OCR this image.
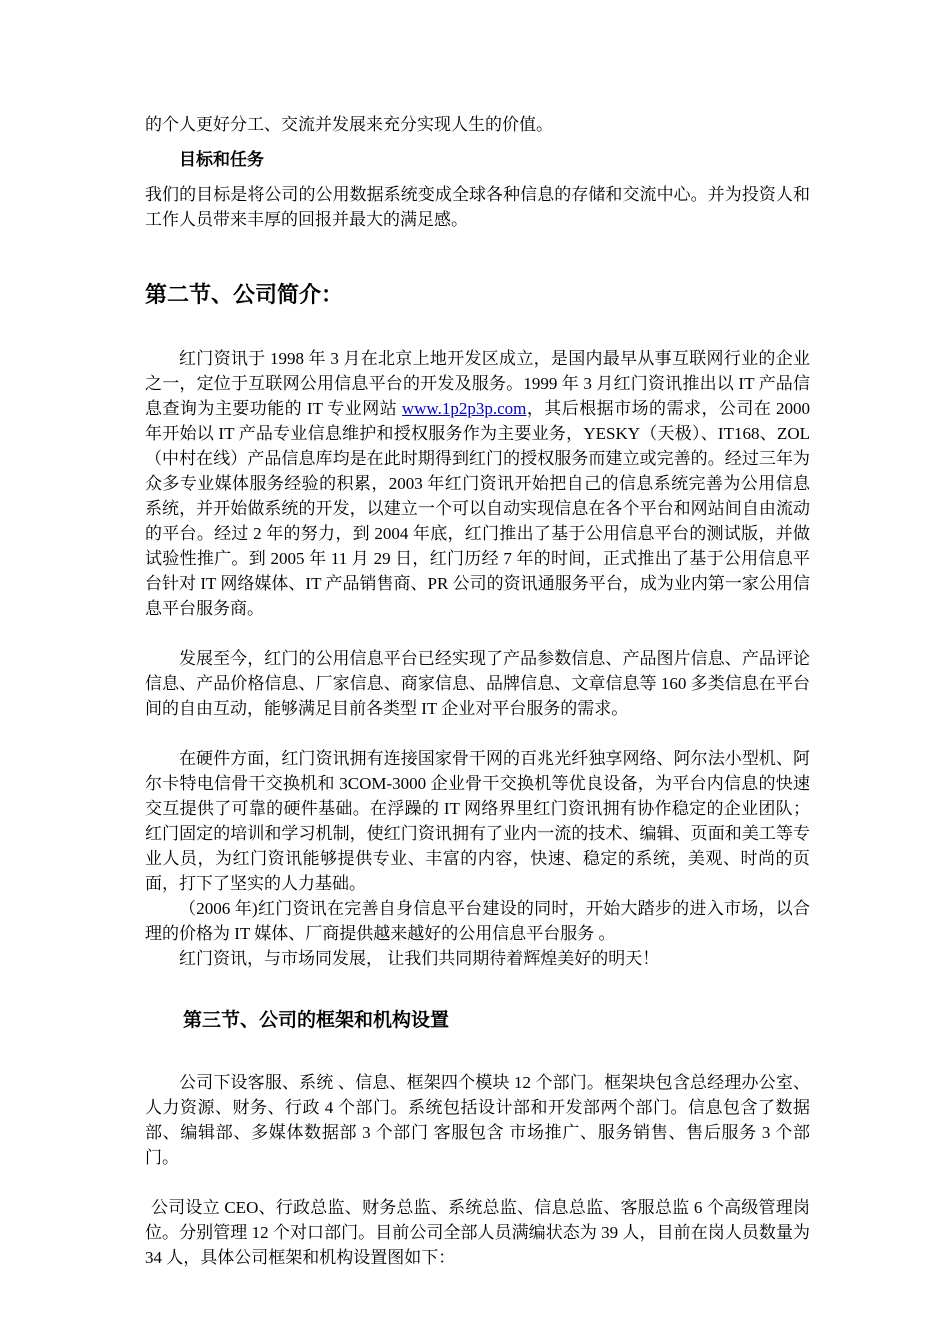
的个人更好分工、交流并发展来充分实现人生的价值。

目标和任务

我们的目标是将公司的公用数据系统变成全球各种信息的存储和交流中心。并为投资人和工作人员带来丰厚的回报并最大的满足感。

第二节、公司简介：

红门资讯于 1998 年 3 月在北京上地开发区成立，是国内最早从事互联网行业的企业之一，定位于互联网公用信息平台的开发及服务。1999 年 3 月红门资讯推出以 IT 产品信息查询为主要功能的 IT 专业网站 www.1p2p3p.com，其后根据市场的需求，公司在 2000 年开始以 IT 产品专业信息维护和授权服务作为主要业务，YESKY（天极）、IT168、ZOL（中村在线）产品信息库均是在此时期得到红门的授权服务而建立或完善的。经过三年为众多专业媒体服务经验的积累，2003 年红门资讯开始把自己的信息系统完善为公用信息系统，并开始做系统的开发，以建立一个可以自动实现信息在各个平台和网站间自由流动的平台。经过 2 年的努力，到 2004 年底，红门推出了基于公用信息平台的测试版，并做试验性推广。到 2005 年 11 月 29 日，红门历经 7 年的时间，正式推出了基于公用信息平台针对 IT 网络媒体、IT 产品销售商、PR 公司的资讯通服务平台，成为业内第一家公用信息平台服务商。

发展至今，红门的公用信息平台已经实现了产品参数信息、产品图片信息、产品评论信息、产品价格信息、厂家信息、商家信息、品牌信息、文章信息等 160 多类信息在平台间的自由互动，能够满足目前各类型 IT 企业对平台服务的需求。

在硬件方面，红门资讯拥有连接国家骨干网的百兆光纤独享网络、阿尔法小型机、阿尔卡特电信骨干交换机和 3COM-3000 企业骨干交换机等优良设备，为平台内信息的快速交互提供了可靠的硬件基础。在浮躁的 IT 网络界里红门资讯拥有协作稳定的企业团队；红门固定的培训和学习机制，使红门资讯拥有了业内一流的技术、编辑、页面和美工等专业人员，为红门资讯能够提供专业、丰富的内容，快速、稳定的系统，美观、时尚的页面，打下了坚实的人力基础。

（2006 年)红门资讯在完善自身信息平台建设的同时，开始大踏步的进入市场，以合理的价格为 IT 媒体、厂商提供越来越好的公用信息平台服务 。

红门资讯，与市场同发展， 让我们共同期待着辉煌美好的明天！

第三节、公司的框架和机构设置

公司下设客服、系统 、信息、框架四个模块 12 个部门。框架块包含总经理办公室、人力资源、财务、行政 4 个部门。系统包括设计部和开发部两个部门。信息包含了数据部、编辑部、多媒体数据部 3 个部门 客服包含 市场推广、服务销售、售后服务 3 个部门。

公司设立 CEO、行政总监、财务总监、系统总监、信息总监、客服总监 6 个高级管理岗位。分别管理 12 个对口部门。目前公司全部人员满编状态为 39 人，目前在岗人员数量为 34 人，具体公司框架和机构设置图如下：
